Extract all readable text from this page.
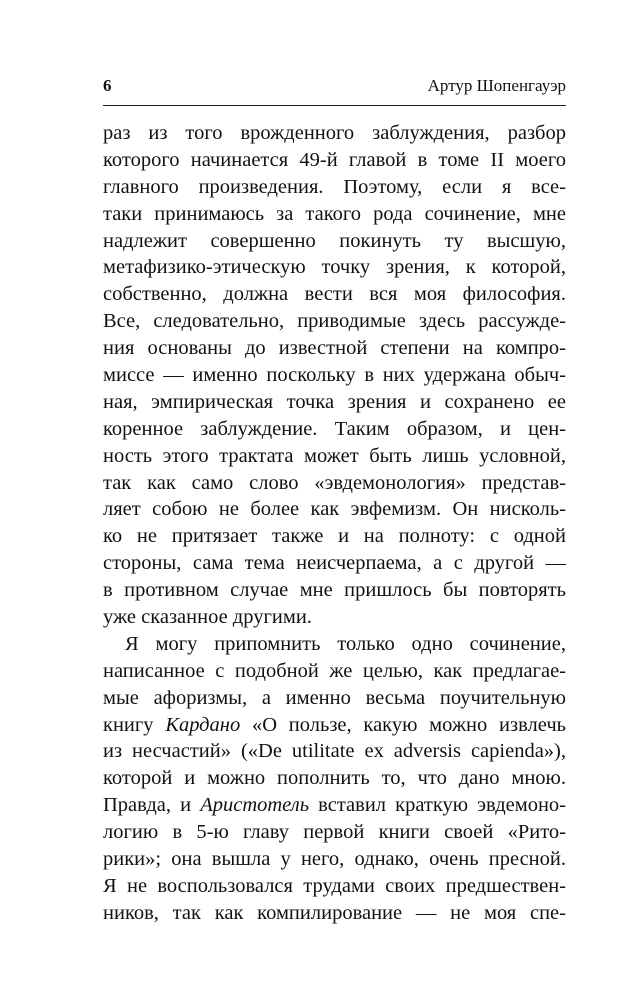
6	Артур Шопенгауэр
раз из того врожденного заблуждения, разбор
которого начинается 49-й главой в томе II моего
главного произведения. Поэтому, если я все-
таки принимаюсь за такого рода сочинение, мне
надлежит совершенно покинуть ту высшую,
метафизико-этическую точку зрения, к которой,
собственно, должна вести вся моя философия.
Все, следовательно, приводимые здесь рассужде-
ния основаны до известной степени на компро-
миссе — именно поскольку в них удержана обыч-
ная, эмпирическая точка зрения и сохранено ее
коренное заблуждение. Таким образом, и цен-
ность этого трактата может быть лишь условной,
так как само слово «эвдемонология» представ-
ляет собою не более как эвфемизм. Он нисколь-
ко не притязает также и на полноту: с одной
стороны, сама тема неисчерпаема, а с другой —
в противном случае мне пришлось бы повторять
уже сказанное другими.
Я могу припомнить только одно сочинение,
написанное с подобной же целью, как предлагае-
мые афоризмы, а именно весьма поучительную
книгу Кардано «О пользе, какую можно извлечь
из несчастий» («De utilitate ex adversis capienda»),
которой и можно пополнить то, что дано мною.
Правда, и Аристотель вставил краткую эвдемоно-
логию в 5-ю главу первой книги своей «Рито-
рики»; она вышла у него, однако, очень пресной.
Я не воспользовался трудами своих предшествен-
ников, так как компилирование — не моя спе-
